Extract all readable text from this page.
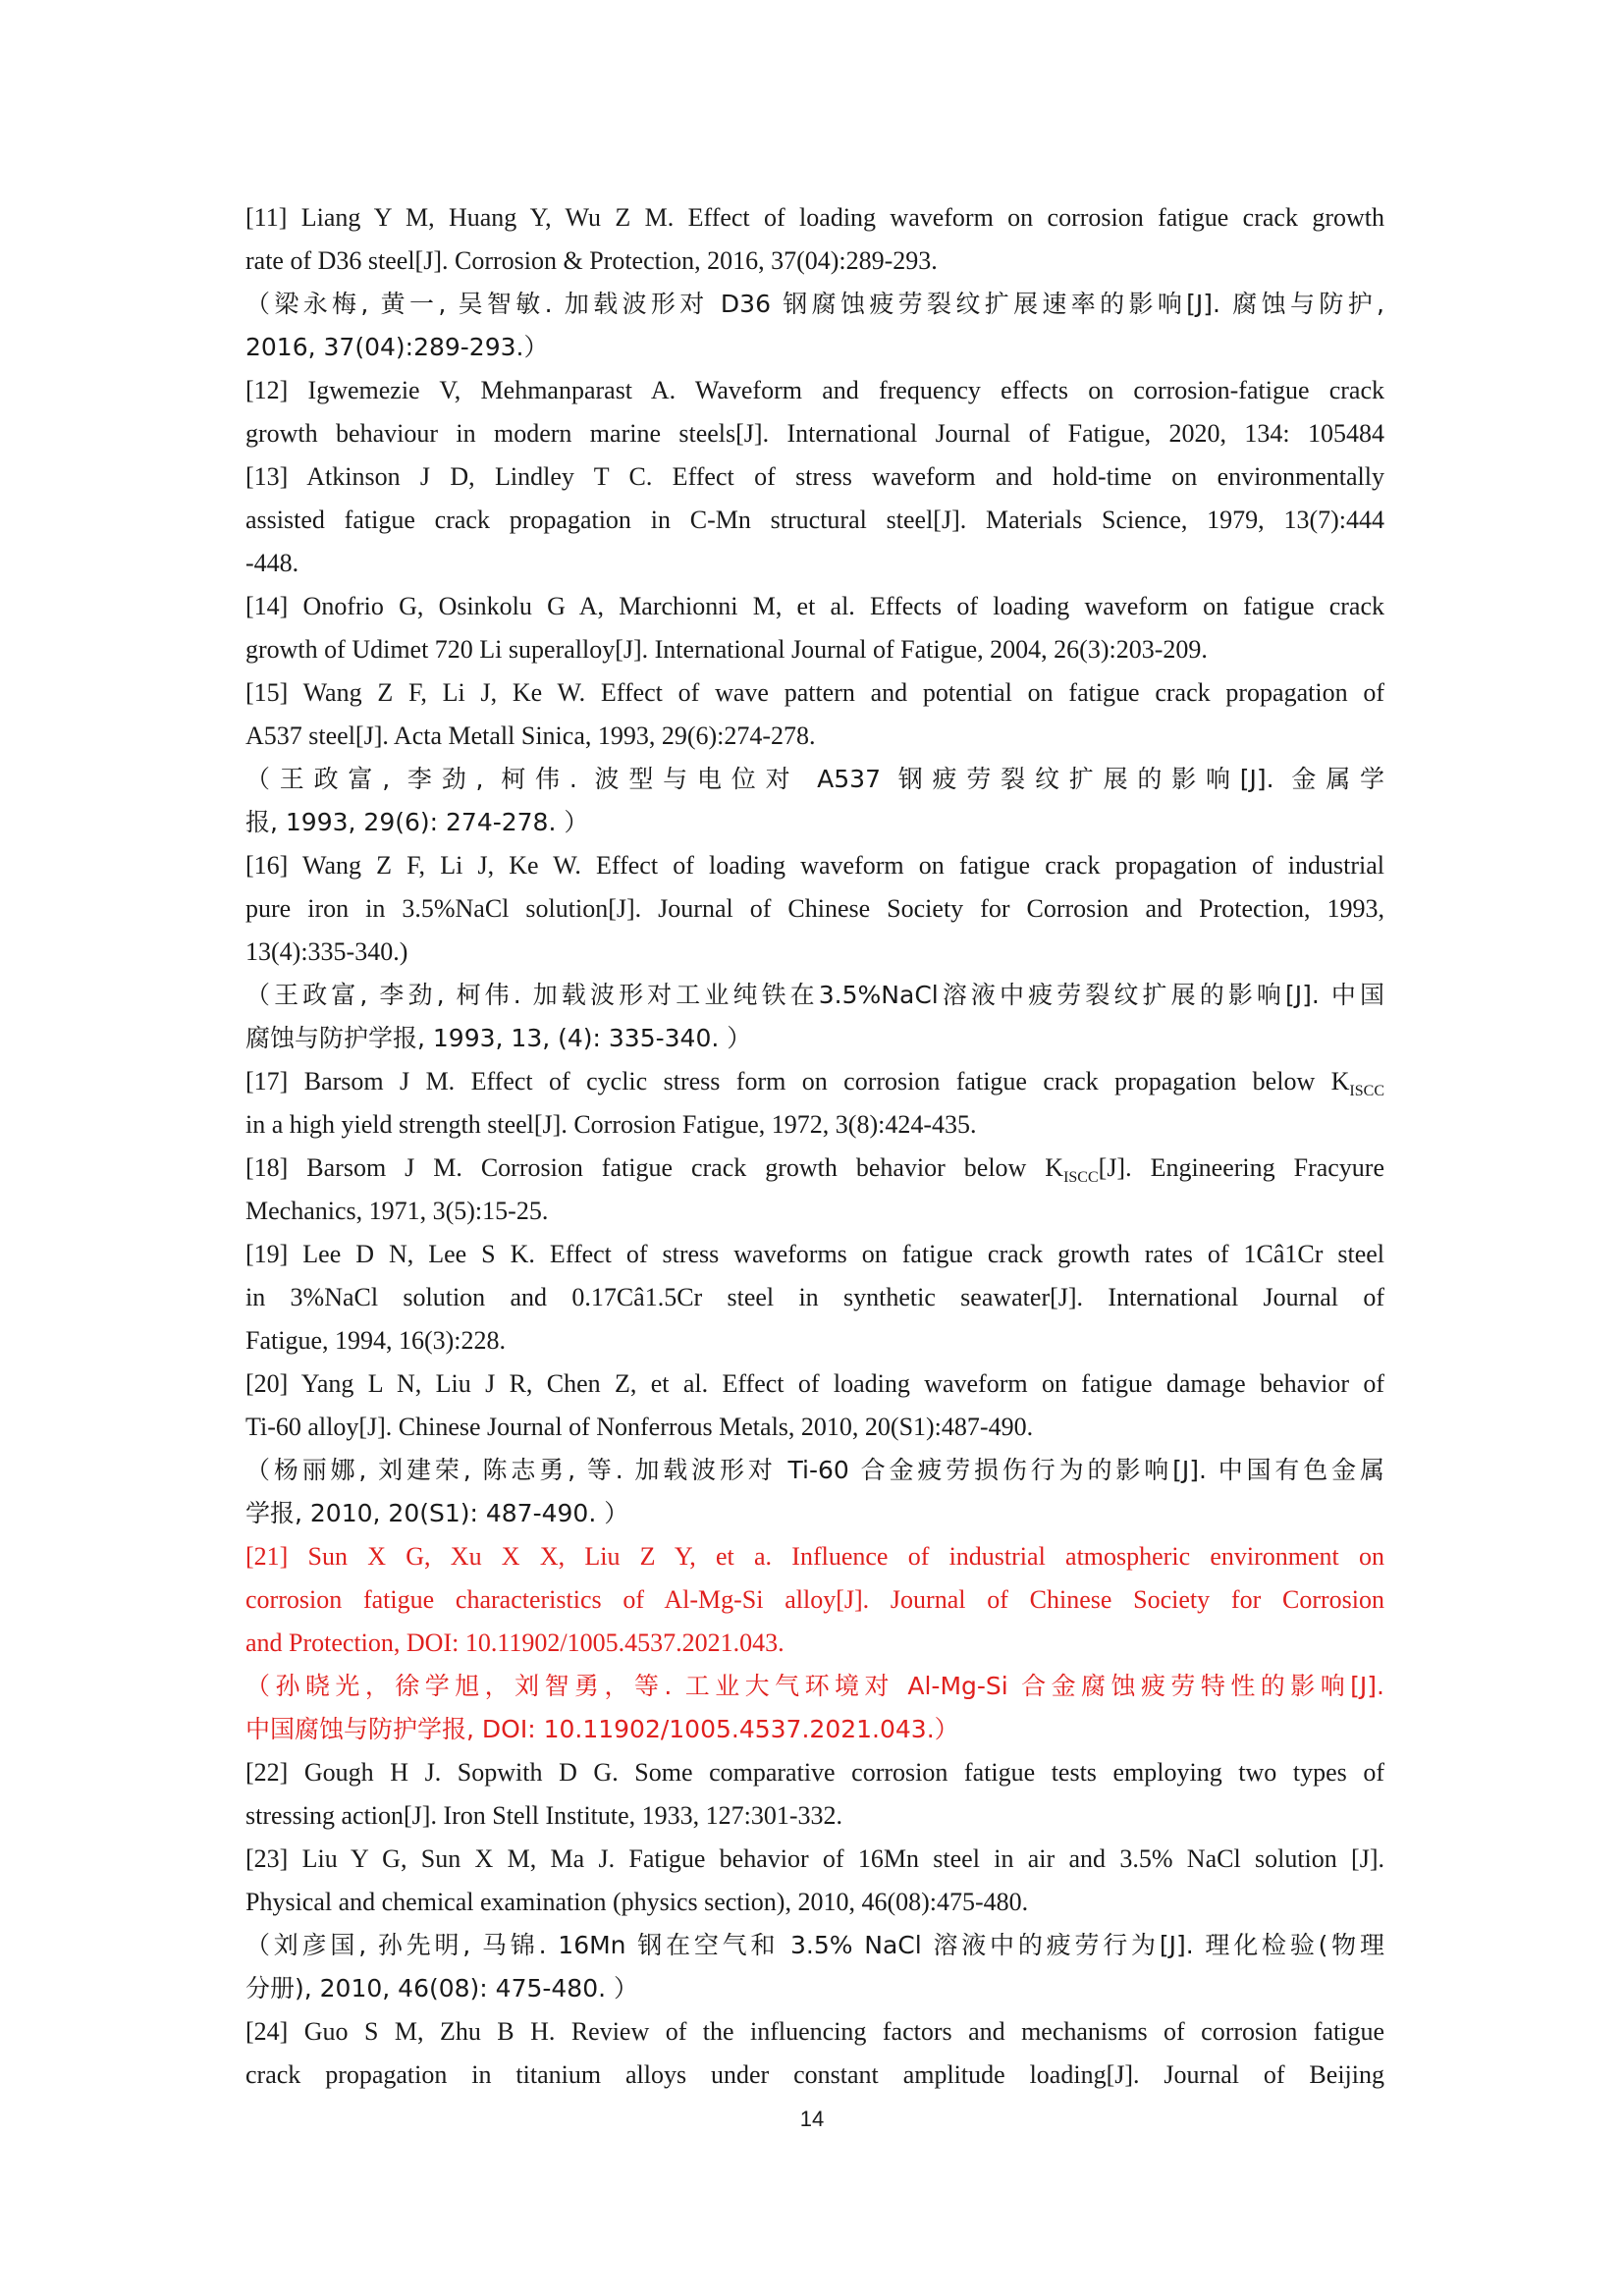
[11] Liang Y M, Huang Y, Wu Z M. Effect of loading waveform on corrosion fatigue crack growth
rate of D36 steel[J]. Corrosion & Protection, 2016, 37(04):289-293.
（梁永梅, 黄一, 吴智敏. 加载波形对 D36 钢腐蚀疲劳裂纹扩展速率的影响[J]. 腐蚀与防护,
2016, 37(04):289-293.）
[12] Igwemezie V, Mehmanparast A. Waveform and frequency effects on corrosion-fatigue crack
growth behaviour in modern marine steels[J]. International Journal of Fatigue, 2020, 134: 105484
[13] Atkinson J D, Lindley T C. Effect of stress waveform and hold-time on environmentally
assisted fatigue crack propagation in C-Mn structural steel[J]. Materials Science, 1979, 13(7):444
-448.
[14] Onofrio G, Osinkolu G A, Marchionni M, et al. Effects of loading waveform on fatigue crack
growth of Udimet 720 Li superalloy[J]. International Journal of Fatigue, 2004, 26(3):203-209.
[15] Wang Z F, Li J, Ke W. Effect of wave pattern and potential on fatigue crack propagation of
A537 steel[J]. Acta Metall Sinica, 1993, 29(6):274-278.
（王政富, 李劲, 柯伟. 波型与电位对 A537 钢疲劳裂纹扩展的影响[J]. 金属学
报, 1993, 29(6): 274-278. ）
[16] Wang Z F, Li J, Ke W. Effect of loading waveform on fatigue crack propagation of industrial
pure iron in 3.5%NaCl solution[J]. Journal of Chinese Society for Corrosion and Protection, 1993,
13(4):335-340.)
（王政富, 李劲, 柯伟. 加载波形对工业纯铁在3.5%NaCl溶液中疲劳裂纹扩展的影响[J]. 中国
腐蚀与防护学报, 1993, 13, (4): 335-340. ）
[17] Barsom J M. Effect of cyclic stress form on corrosion fatigue crack propagation below $K_{ISCC}$
in a high yield strength steel[J]. Corrosion Fatigue, 1972, 3(8):424-435.
[18] Barsom J M. Corrosion fatigue crack growth behavior below $K_{ISCC}[J]$. Engineering Fracyure
Mechanics, 1971, 3(5):15-25.
[19] Lee D N, Lee S K. Effect of stress waveforms on fatigue crack growth rates of 1Câ1Cr steel
in 3%NaCl solution and 0.17Câ1.5Cr steel in synthetic seawater[J]. International Journal of
Fatigue, 1994, 16(3):228.
[20] Yang L N, Liu J R, Chen Z, et al. Effect of loading waveform on fatigue damage behavior of
Ti-60 alloy[J]. Chinese Journal of Nonferrous Metals, 2010, 20(S1):487-490.
（杨丽娜, 刘建荣, 陈志勇, 等. 加载波形对 Ti-60 合金疲劳损伤行为的影响[J]. 中国有色金属
学报, 2010, 20(S1): 487-490. ）
[21] Sun X G, Xu X X, Liu Z Y, et a. Influence of industrial atmospheric environment on
corrosion fatigue characteristics of Al-Mg-Si alloy[J]. Journal of Chinese Society for Corrosion
and Protection, DOI: 10.11902/1005.4537.2021.043.
（孙晓光，徐学旭，刘智勇，等. 工业大气环境对 Al-Mg-Si 合金腐蚀疲劳特性的影响[J].
中国腐蚀与防护学报, DOI: 10.11902/1005.4537.2021.043.）
[22] Gough H J. Sopwith D G. Some comparative corrosion fatigue tests employing two types of
stressing action[J]. Iron Stell Institute, 1933, 127:301-332.
[23] Liu Y G, Sun X M, Ma J. Fatigue behavior of 16Mn steel in air and 3.5% NaCl solution [J].
Physical and chemical examination (physics section), 2010, 46(08):475-480.
（刘彦国, 孙先明, 马锦. 16Mn 钢在空气和 3.5% NaCl 溶液中的疲劳行为[J]. 理化检验(物理
分册), 2010, 46(08): 475-480. ）
[24] Guo S M, Zhu B H. Review of the influencing factors and mechanisms of corrosion fatigue
crack propagation in titanium alloys under constant amplitude loading[J]. Journal of Beijing
14
